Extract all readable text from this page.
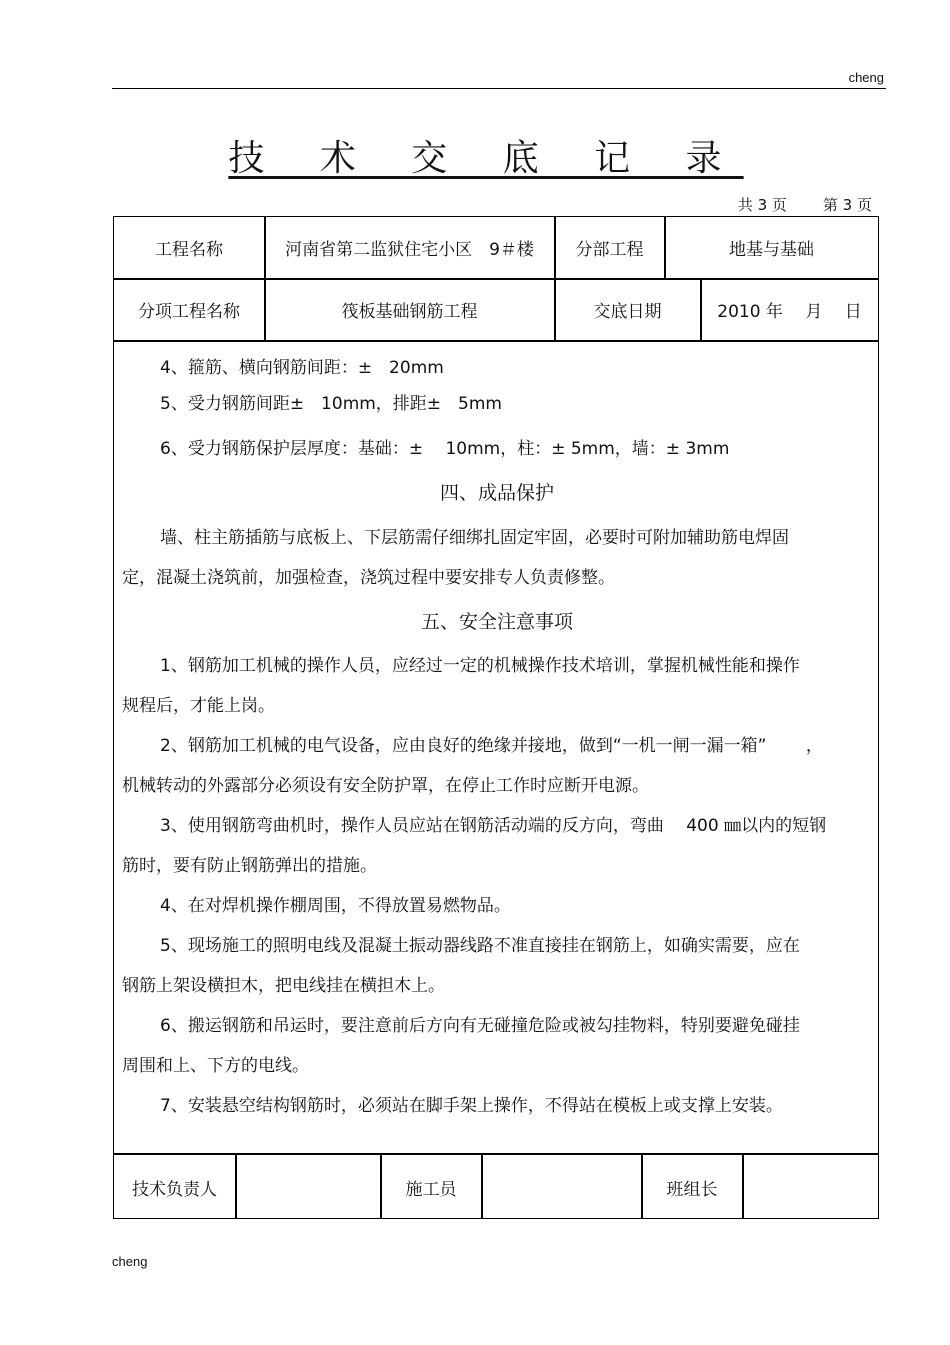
cheng
技 术 交 底 记 录
共 3 页 第 3 页
工程名称	河南省第二监狱住宅小区　9＃楼	分部工程	地基与基础
分项工程名称	筏板基础钢筋工程	交底日期	2010 年　 月　 日
4、箍筋、横向钢筋间距：±　20mm
5、受力钢筋间距±　10mm，排距±　5mm
6、受力钢筋保护层厚度：基础：±　 10mm，柱：± 5mm，墙：± 3mm
四、成品保护
墙、柱主筋插筋与底板上、下层筋需仔细绑扎固定牢固，必要时可附加辅助筋电焊固
定，混凝土浇筑前，加强检查，浇筑过程中要安排专人负责修整。
五、安全注意事项
1、钢筋加工机械的操作人员，应经过一定的机械操作技术培训，掌握机械性能和操作
规程后，才能上岗。
2、钢筋加工机械的电气设备，应由良好的绝缘并接地，做到“一机一闸一漏一箱”　　 ，
机械转动的外露部分必须设有安全防护罩，在停止工作时应断开电源。
3、使用钢筋弯曲机时，操作人员应站在钢筋活动端的反方向，弯曲　 400 ㎜以内的短钢
筋时，要有防止钢筋弹出的措施。
4、在对焊机操作棚周围，不得放置易燃物品。
5、现场施工的照明电线及混凝土振动器线路不准直接挂在钢筋上，如确实需要，应在
钢筋上架设横担木，把电线挂在横担木上。
6、搬运钢筋和吊运时，要注意前后方向有无碰撞危险或被勾挂物料，特别要避免碰挂
周围和上、下方的电线。
7、安装悬空结构钢筋时，必须站在脚手架上操作，不得站在模板上或支撑上安装。
技术负责人	施工员	班组长
cheng
